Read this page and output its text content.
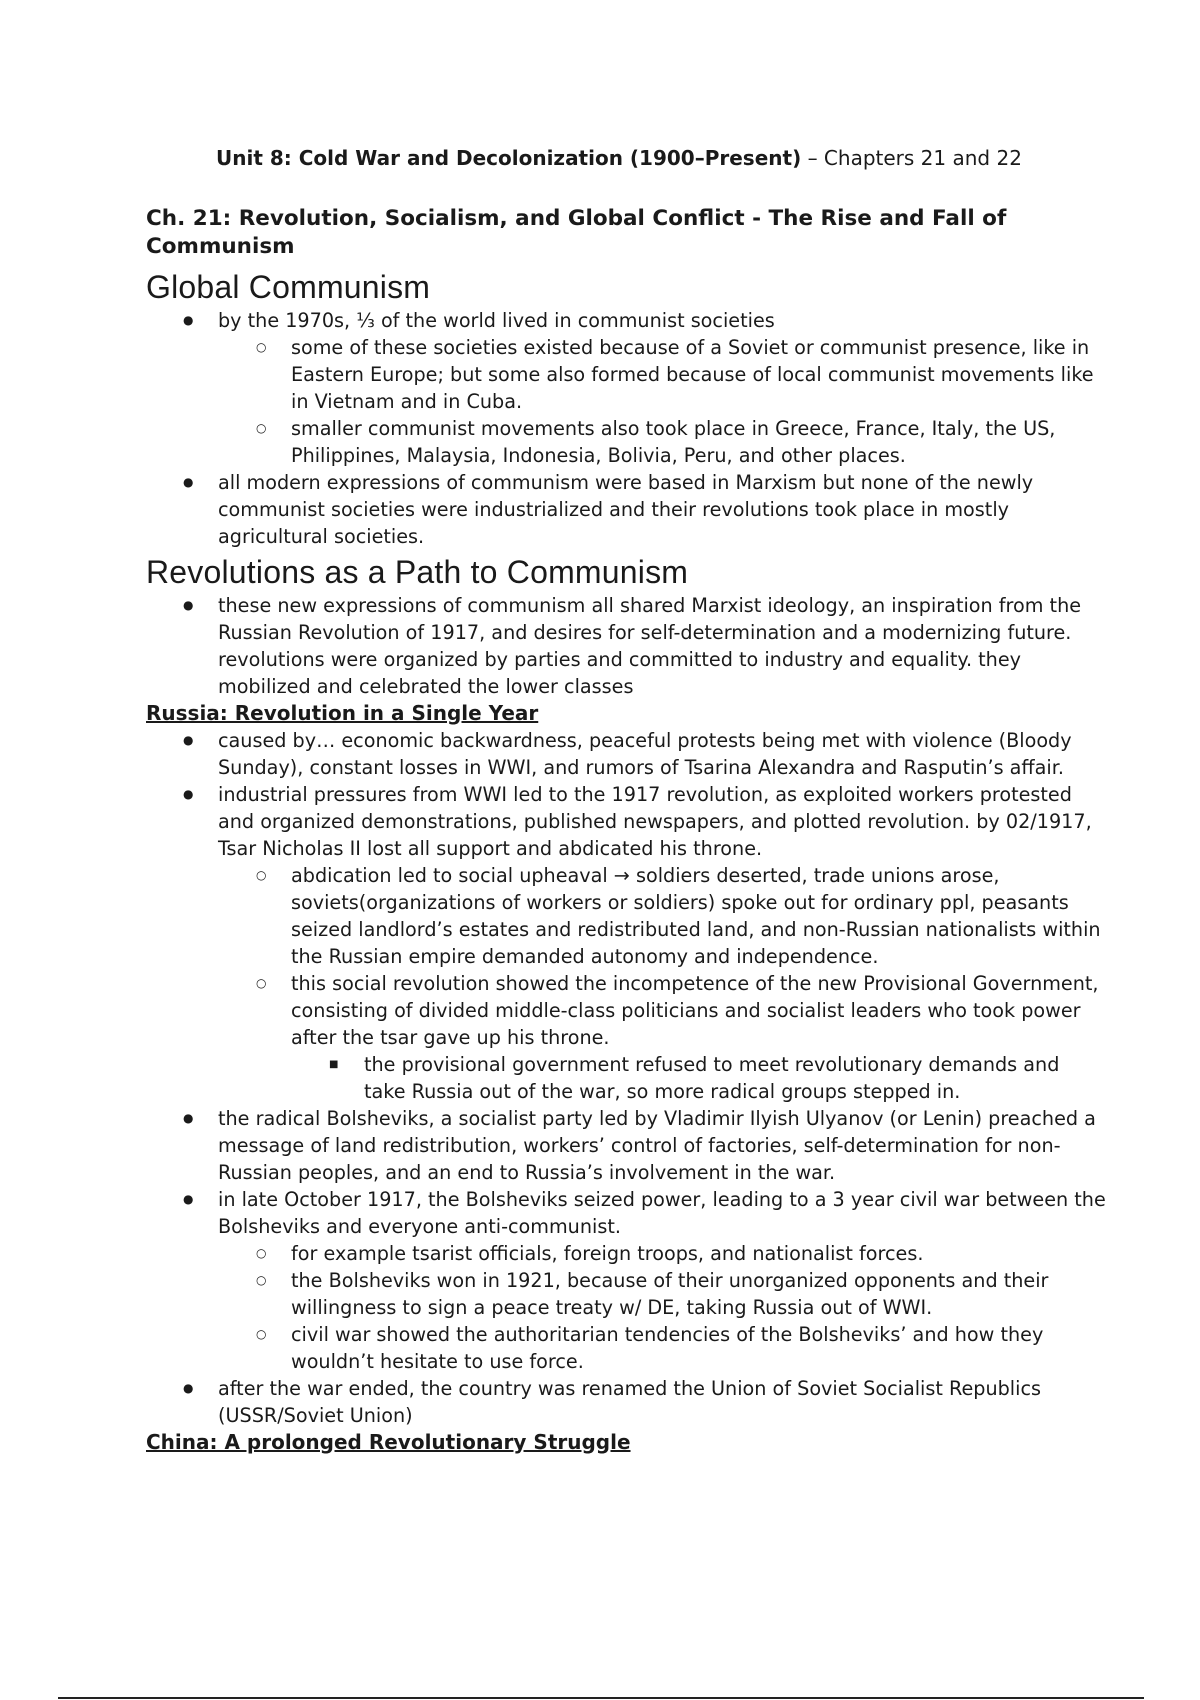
Unit 8: Cold War and Decolonization (1900–Present) – Chapters 21 and 22
Ch. 21: Revolution, Socialism, and Global Conflict - The Rise and Fall of Communism
Global Communism
● by the 1970s, ⅓ of the world lived in communist societies
○ some of these societies existed because of a Soviet or communist presence, like in Eastern Europe; but some also formed because of local communist movements like in Vietnam and in Cuba.
○ smaller communist movements also took place in Greece, France, Italy, the US, Philippines, Malaysia, Indonesia, Bolivia, Peru, and other places.
● all modern expressions of communism were based in Marxism but none of the newly communist societies were industrialized and their revolutions took place in mostly agricultural societies.
Revolutions as a Path to Communism
● these new expressions of communism all shared Marxist ideology, an inspiration from the Russian Revolution of 1917, and desires for self-determination and a modernizing future. revolutions were organized by parties and committed to industry and equality. they mobilized and celebrated the lower classes
Russia: Revolution in a Single Year
● caused by… economic backwardness, peaceful protests being met with violence (Bloody Sunday), constant losses in WWI, and rumors of Tsarina Alexandra and Rasputin’s affair.
● industrial pressures from WWI led to the 1917 revolution, as exploited workers protested and organized demonstrations, published newspapers, and plotted revolution. by 02/1917, Tsar Nicholas II lost all support and abdicated his throne.
○ abdication led to social upheaval → soldiers deserted, trade unions arose, soviets(organizations of workers or soldiers) spoke out for ordinary ppl, peasants seized landlord’s estates and redistributed land, and non-Russian nationalists within the Russian empire demanded autonomy and independence.
○ this social revolution showed the incompetence of the new Provisional Government, consisting of divided middle-class politicians and socialist leaders who took power after the tsar gave up his throne.
■ the provisional government refused to meet revolutionary demands and take Russia out of the war, so more radical groups stepped in.
● the radical Bolsheviks, a socialist party led by Vladimir Ilyish Ulyanov (or Lenin) preached a message of land redistribution, workers’ control of factories, self-determination for non-Russian peoples, and an end to Russia’s involvement in the war.
● in late October 1917, the Bolsheviks seized power, leading to a 3 year civil war between the Bolsheviks and everyone anti-communist.
○ for example tsarist officials, foreign troops, and nationalist forces.
○ the Bolsheviks won in 1921, because of their unorganized opponents and their willingness to sign a peace treaty w/ DE, taking Russia out of WWI.
○ civil war showed the authoritarian tendencies of the Bolsheviks’ and how they wouldn’t hesitate to use force.
● after the war ended, the country was renamed the Union of Soviet Socialist Republics (USSR/Soviet Union)
China: A prolonged Revolutionary Struggle
